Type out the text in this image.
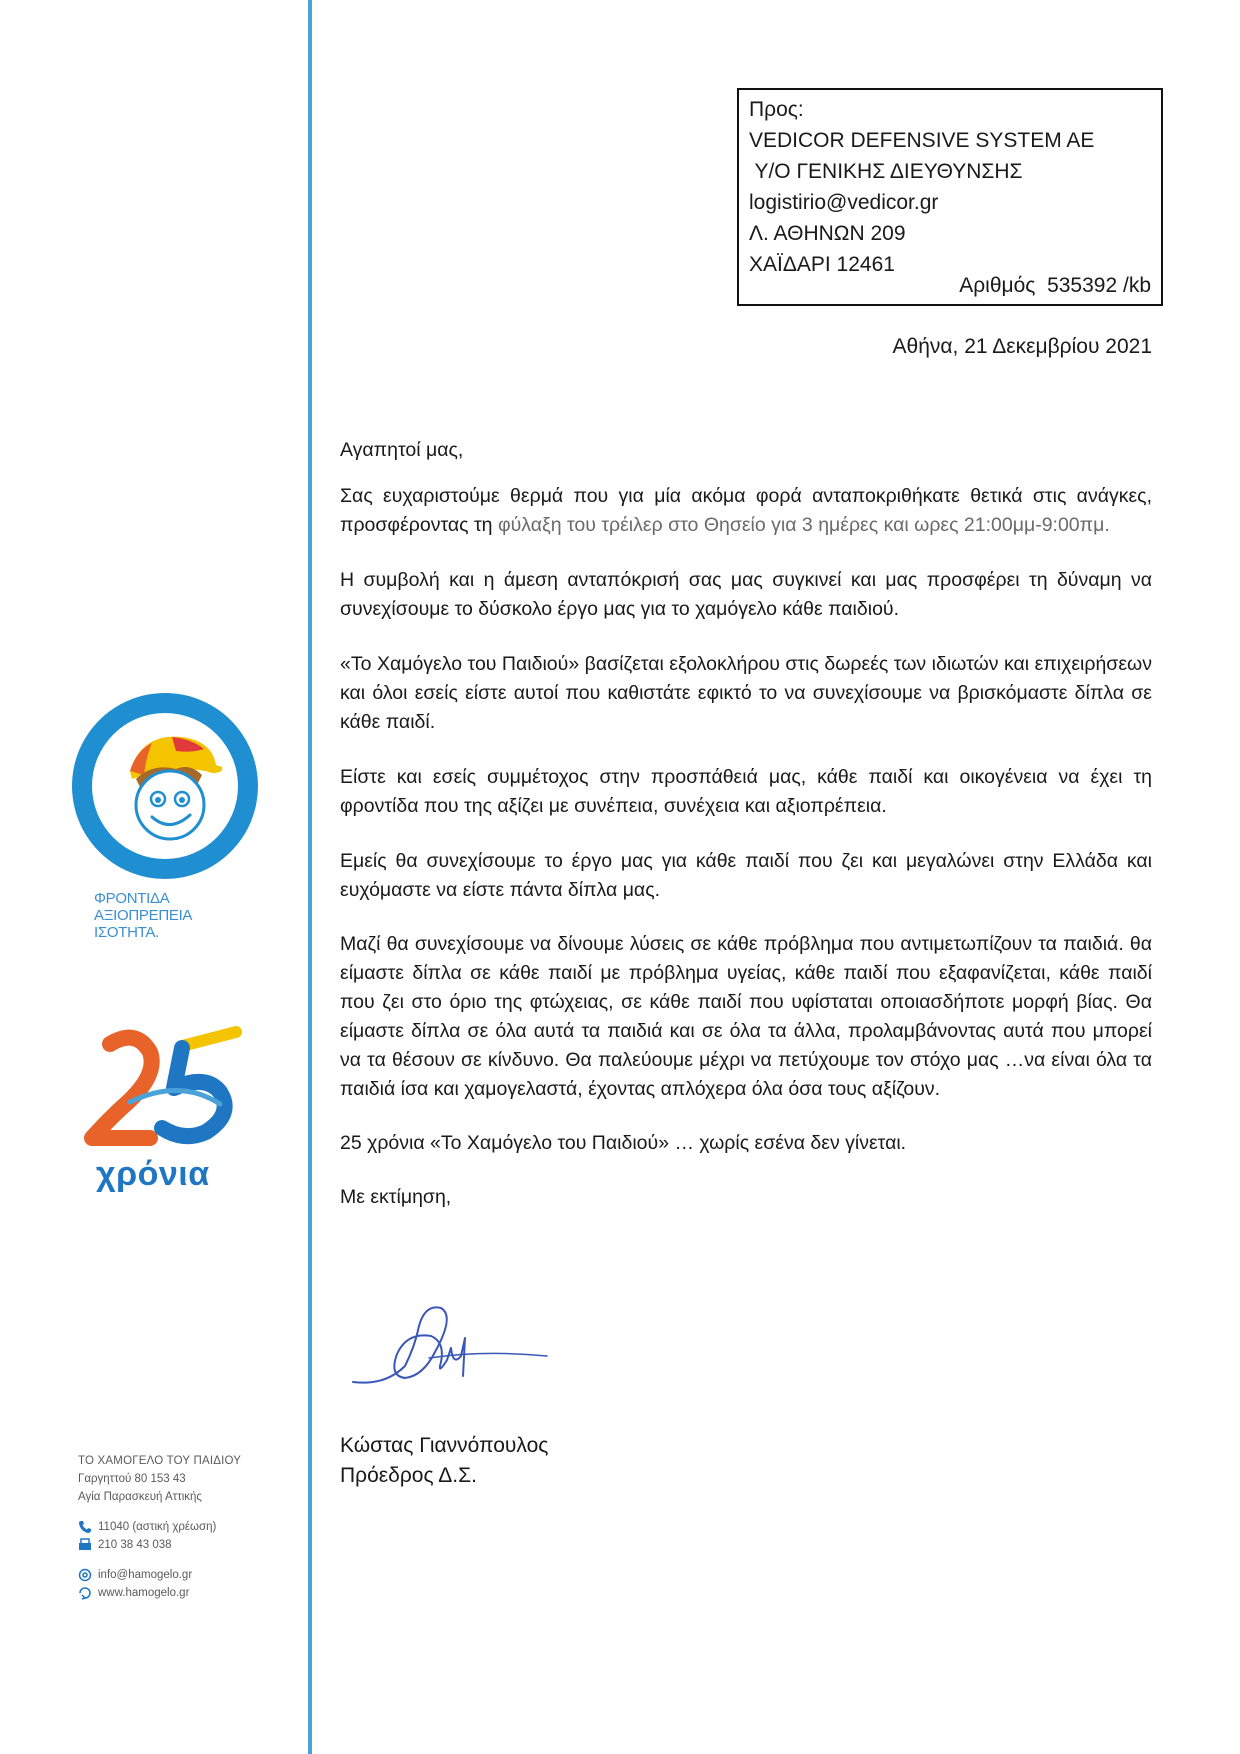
Το χαμόγελο του παιδιού
ΦΡΟΝΤΙΔΑ
ΑΞΙΟΠΡΕΠΕΙΑ
ΙΣΟΤΗΤΑ.
χρόνια
ΤΟ ΧΑΜΟΓΕΛΟ ΤΟΥ ΠΑΙΔΙΟΥ
Γαργηττού 80 153 43
Αγία Παρασκευή Αττικής
11040 (αστική χρέωση)
210 38 43 038
info@hamogelo.gr
www.hamogelo.gr
Προς:
VEDICOR DEFENSIVE SYSTEM AE
Υ/Ο ΓΕΝΙΚΗΣ ΔΙΕΥΘΥΝΣΗΣ
logistirio@vedicor.gr
Λ. ΑΘΗΝΩΝ 209
ΧΑΪΔΑΡΙ 12461
Αριθμός  535392 /kb
Αθήνα, 21 Δεκεμβρίου 2021

Αγαπητοί μας,

Σας ευχαριστούμε θερμά που για μία ακόμα φορά ανταποκριθήκατε θετικά στις ανάγκες, προσφέροντας τη φύλαξη του τρέιλερ στο Θησείο για 3 ημέρες και ωρες 21:00μμ-9:00πμ.

Η συμβολή και η άμεση ανταπόκρισή σας μας συγκινεί και μας προσφέρει τη δύναμη να συνεχίσουμε το δύσκολο έργο μας για το χαμόγελο κάθε παιδιού.

«Το Χαμόγελο του Παιδιού» βασίζεται εξολοκλήρου στις δωρεές των ιδιωτών και επιχειρήσεων και όλοι εσείς είστε αυτοί που καθιστάτε εφικτό το να συνεχίσουμε να βρισκόμαστε δίπλα σε κάθε παιδί.

Είστε και εσείς συμμέτοχος στην προσπάθειά μας, κάθε παιδί και οικογένεια να έχει τη φροντίδα που της αξίζει με συνέπεια, συνέχεια και αξιοπρέπεια.

Εμείς θα συνεχίσουμε το έργο μας για κάθε παιδί που ζει και μεγαλώνει στην Ελλάδα και ευχόμαστε να είστε πάντα δίπλα μας.

Μαζί θα συνεχίσουμε να δίνουμε λύσεις σε κάθε πρόβλημα που αντιμετωπίζουν τα παιδιά. θα είμαστε δίπλα σε κάθε παιδί με πρόβλημα υγείας, κάθε παιδί που εξαφανίζεται, κάθε παιδί που ζει στο όριο της φτώχειας, σε κάθε παιδί που υφίσταται οποιασδήποτε μορφή βίας. Θα είμαστε δίπλα σε όλα αυτά τα παιδιά και σε όλα τα άλλα, προλαμβάνοντας αυτά που μπορεί να τα θέσουν σε κίνδυνο. Θα παλεύουμε μέχρι να πετύχουμε τον στόχο μας …να είναι όλα τα παιδιά ίσα και χαμογελαστά, έχοντας απλόχερα όλα όσα τους αξίζουν.

25 χρόνια «Το Χαμόγελο του Παιδιού» … χωρίς εσένα δεν γίνεται.

Με εκτίμηση,

Κώστας Γιαννόπουλος
Πρόεδρος Δ.Σ.
